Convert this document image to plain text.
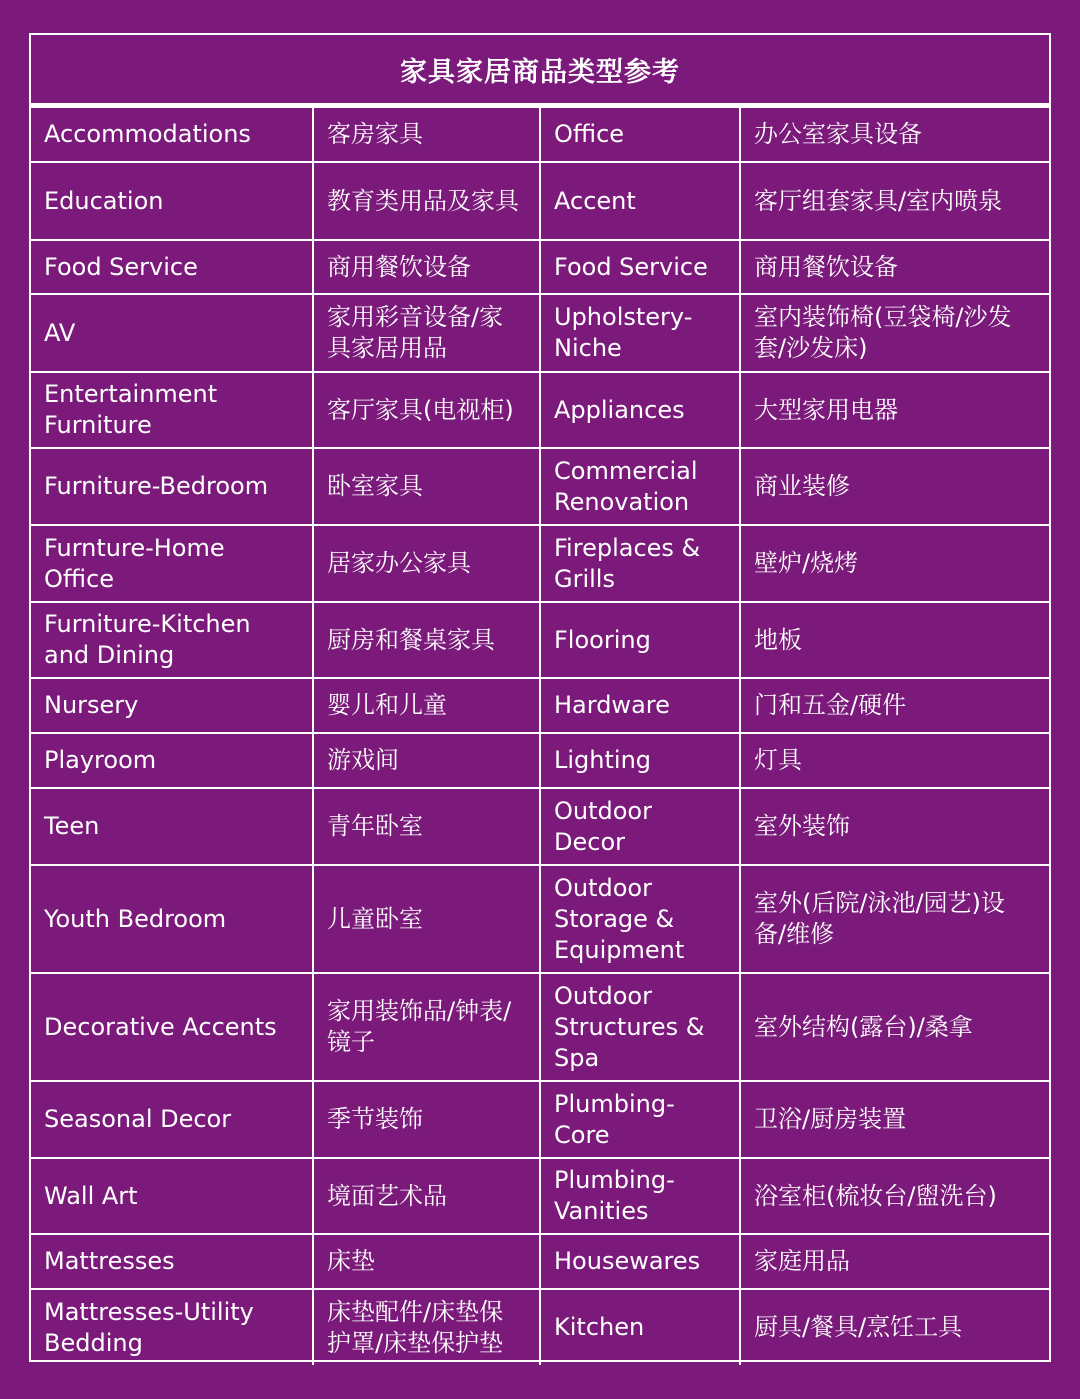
家具家居商品类型参考
Accommodations	客房家具	Office	办公室家具设备
Education	教育类用品及家具	Accent	客厅组套家具/室内喷泉
Food Service	商用餐饮设备	Food Service	商用餐饮设备
AV	家用彩音设备/家具家居用品	Upholstery-Niche	室内装饰椅(豆袋椅/沙发套/沙发床)
Entertainment Furniture	客厅家具(电视柜)	Appliances	大型家用电器
Furniture-Bedroom	卧室家具	Commercial Renovation	商业装修
Furnture-Home Office	居家办公家具	Fireplaces & Grills	壁炉/烧烤
Furniture-Kitchen and Dining	厨房和餐桌家具	Flooring	地板
Nursery	婴儿和儿童	Hardware	门和五金/硬件
Playroom	游戏间	Lighting	灯具
Teen	青年卧室	Outdoor Decor	室外装饰
Youth Bedroom	儿童卧室	Outdoor Storage & Equipment	室外(后院/泳池/园艺)设备/维修
Decorative Accents	家用装饰品/钟表/镜子	Outdoor Structures & Spa	室外结构(露台)/桑拿
Seasonal Decor	季节装饰	Plumbing-Core	卫浴/厨房装置
Wall Art	境面艺术品	Plumbing-Vanities	浴室柜(梳妆台/盥洗台)
Mattresses	床垫	Housewares	家庭用品
Mattresses-Utility Bedding	床垫配件/床垫保护罩/床垫保护垫	Kitchen	厨具/餐具/烹饪工具
